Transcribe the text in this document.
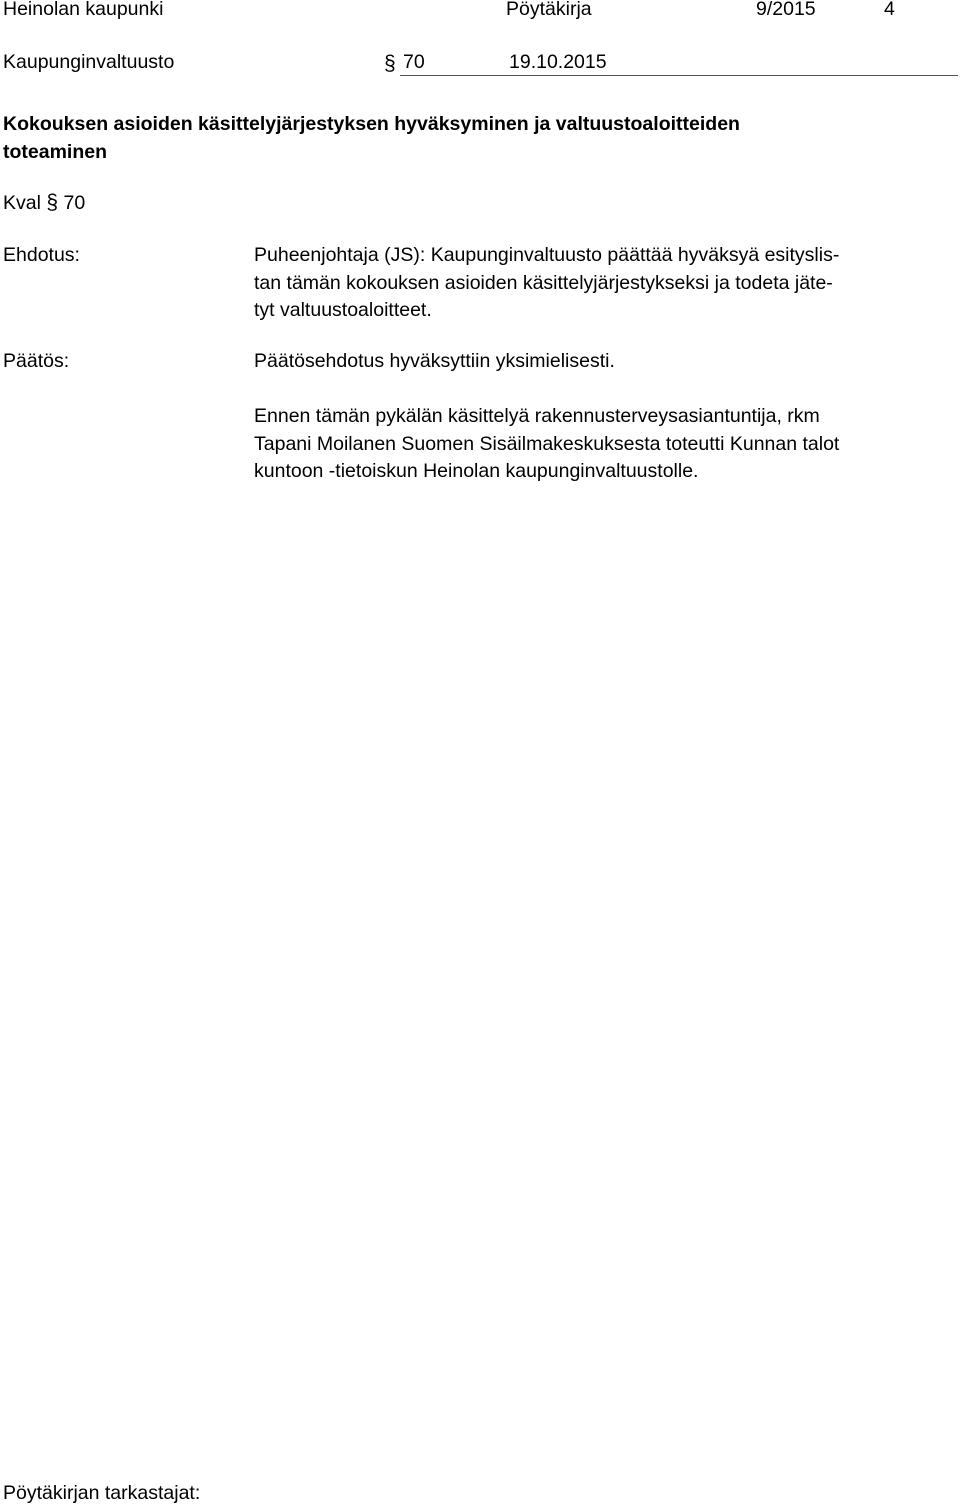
Heinolan kaupunki	Pöytäkirja	9/2015	4
Kaupunginvaltuusto	§ 70	19.10.2015
Kokouksen asioiden käsittelyjärjestyksen hyväksyminen ja valtuustoaloitteiden
toteaminen
Kval § 70
Ehdotus:	Puheenjohtaja (JS): Kaupunginvaltuusto päättää hyväksyä esityslis-
tan tämän kokouksen asioiden käsittelyjärjestykseksi ja todeta jäte-
tyt valtuustoaloitteet.
Päätös:	Päätösehdotus hyväksyttiin yksimielisesti.
Ennen tämän pykälän käsittelyä rakennusterveysasiantuntija, rkm
Tapani Moilanen Suomen Sisäilmakeskuksesta toteutti Kunnan talot
kuntoon -tietoiskun Heinolan kaupunginvaltuustolle.
Pöytäkirjan tarkastajat:
